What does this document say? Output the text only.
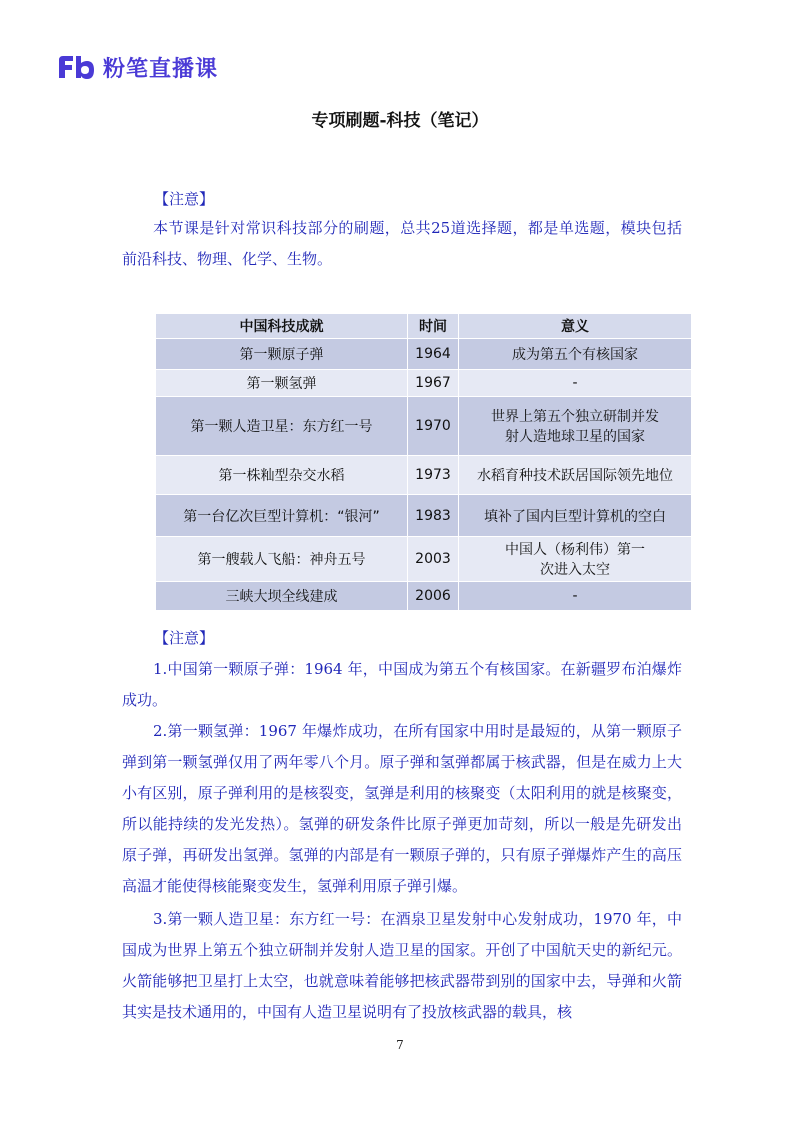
粉笔直播课
专项刷题-科技（笔记）
【注意】

本节课是针对常识科技部分的刷题，总共25道选择题，都是单选题，模块包括前沿科技、物理、化学、生物。

中国科技成就	时间	意义
第一颗原子弹	1964	成为第五个有核国家
第一颗氢弹	1967	-
第一颗人造卫星：东方红一号	1970	世界上第五个独立研制并发射人造地球卫星的国家
第一株籼型杂交水稻	1973	水稻育种技术跃居国际领先地位
第一台亿次巨型计算机：“银河”	1983	填补了国内巨型计算机的空白
第一艘载人飞船：神舟五号	2003	中国人（杨利伟）第一次进入太空
三峡大坝全线建成	2006	-
【注意】

1.中国第一颗原子弹：1964 年，中国成为第五个有核国家。在新疆罗布泊爆炸成功。

2.第一颗氢弹：1967 年爆炸成功，在所有国家中用时是最短的，从第一颗原子弹到第一颗氢弹仅用了两年零八个月。原子弹和氢弹都属于核武器，但是在威力上大小有区别，原子弹利用的是核裂变，氢弹是利用的核聚变（太阳利用的就是核聚变，所以能持续的发光发热）。氢弹的研发条件比原子弹更加苛刻，所以一般是先研发出原子弹，再研发出氢弹。氢弹的内部是有一颗原子弹的，只有原子弹爆炸产生的高压高温才能使得核能聚变发生，氢弹利用原子弹引爆。

3.第一颗人造卫星：东方红一号：在酒泉卫星发射中心发射成功，1970 年，中国成为世界上第五个独立研制并发射人造卫星的国家。开创了中国航天史的新纪元。火箭能够把卫星打上太空，也就意味着能够把核武器带到别的国家中去，导弹和火箭其实是技术通用的，中国有人造卫星说明有了投放核武器的载具，核

7
